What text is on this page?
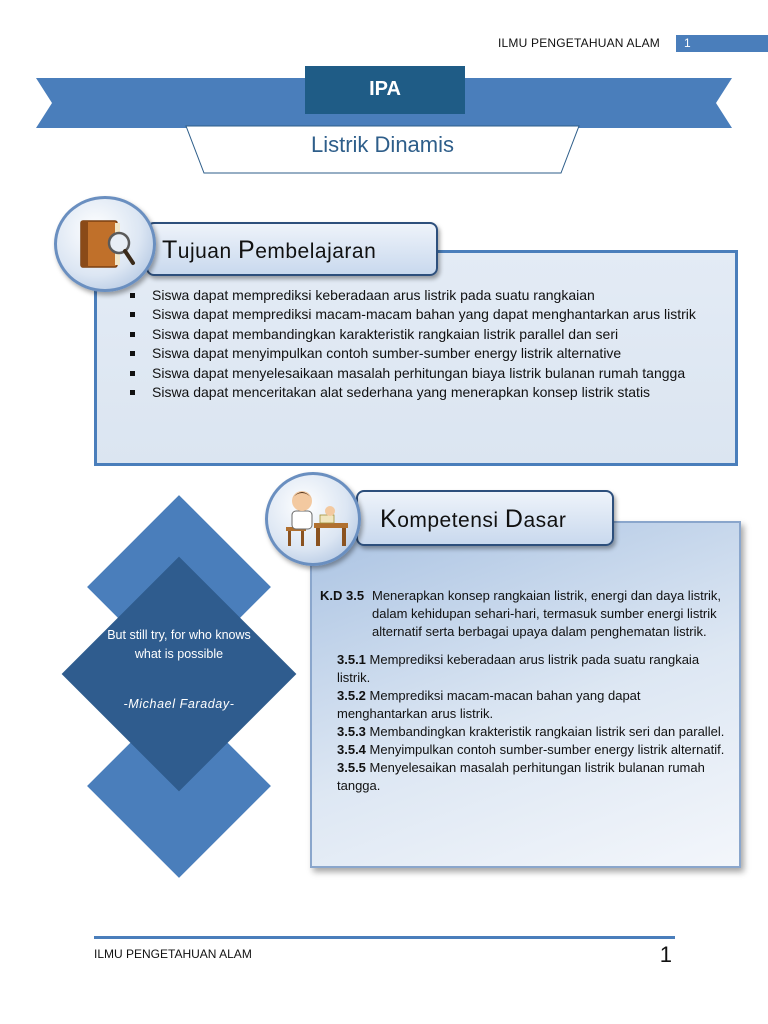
ILMU PENGETAHUAN ALAM	1
IPA
Listrik Dinamis
Tujuan Pembelajaran
Siswa dapat memprediksi keberadaan arus listrik pada suatu rangkaian
Siswa dapat memprediksi macam-macam bahan yang dapat menghantarkan arus listrik
Siswa dapat membandingkan karakteristik rangkaian listrik parallel dan seri
Siswa dapat menyimpulkan contoh sumber-sumber energy listrik alternative
Siswa dapat menyelesaikaan masalah perhitungan biaya listrik bulanan rumah tangga
Siswa dapat menceritakan alat sederhana yang menerapkan konsep listrik statis
But still try, for who knows what is possible
-Michael Faraday-
Kompetensi Dasar
K.D 3.5 Menerapkan konsep rangkaian listrik, energi dan daya listrik, dalam kehidupan sehari-hari, termasuk sumber energi listrik alternatif serta berbagai upaya dalam penghematan listrik.
3.5.1 Memprediksi keberadaan arus listrik pada suatu rangkaia listrik.
3.5.2 Memprediksi macam-macan bahan yang dapat menghantarkan arus listrik.
3.5.3 Membandingkan krakteristik rangkaian listrik seri dan parallel.
3.5.4 Menyimpulkan contoh sumber-sumber energy listrik alternatif.
3.5.5 Menyelesaikan masalah perhitungan listrik bulanan rumah tangga.
ILMU PENGETAHUAN ALAM	1
